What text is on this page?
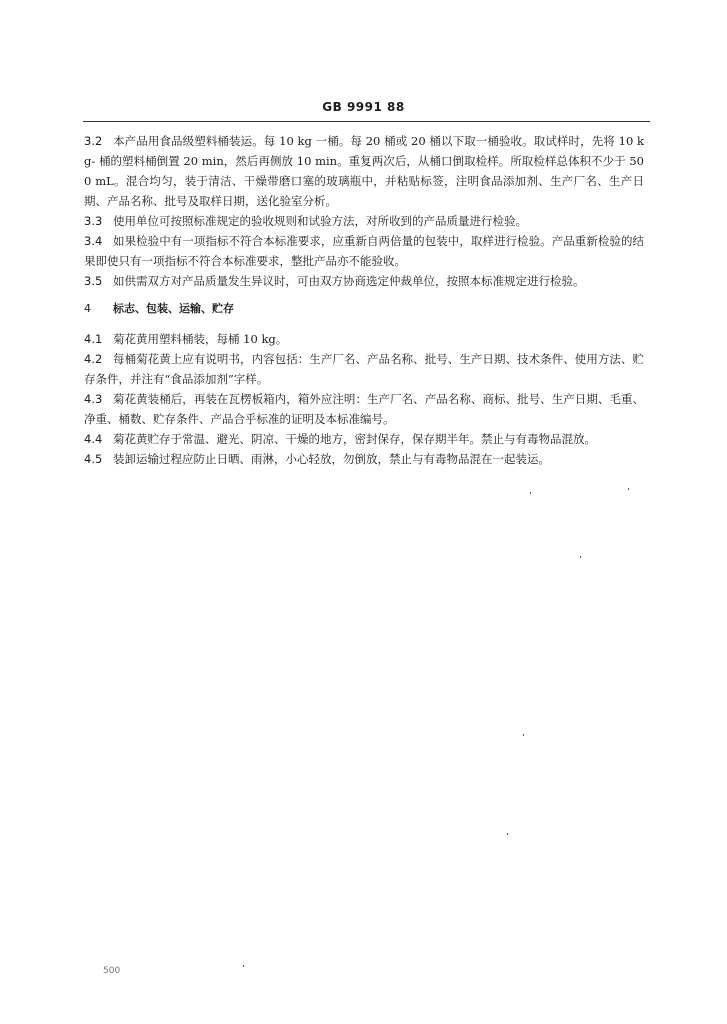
GB 9991 88

3.2 本产品用食品级塑料桶装运。每 10 kg 一桶。每 20 桶或 20 桶以下取一桶验收。取试样时，先将 10 kg- 桶的塑料桶倒置 20 min，然后再侧放 10 min。重复两次后，从桶口倒取检样。所取检样总体积不少于 500 mL。混合均匀，装于清洁、干燥带磨口塞的玻璃瓶中，并粘贴标签，注明食品添加剂、生产厂名、生产日期、产品名称、批号及取样日期，送化验室分析。

3.3 使用单位可按照标准规定的验收规则和试验方法，对所收到的产品质量进行检验。

3.4 如果检验中有一项指标不符合本标准要求，应重新自两倍量的包装中，取样进行检验。产品重新检验的结果即使只有一项指标不符合本标准要求，整批产品亦不能验收。

3.5 如供需双方对产品质量发生异议时，可由双方协商选定仲裁单位，按照本标准规定进行检验。

4 标志、包装、运输、贮存

4.1 菊花黄用塑料桶装，每桶 10 kg。

4.2 每桶菊花黄上应有说明书，内容包括：生产厂名、产品名称、批号、生产日期、技术条件、使用方法、贮存条件，并注有“食品添加剂”字样。

4.3 菊花黄装桶后，再装在瓦楞板箱内，箱外应注明：生产厂名、产品名称、商标、批号、生产日期、毛重、净重、桶数、贮存条件、产品合乎标准的证明及本标准编号。

4.4 菊花黄贮存于常温、避光、阴凉、干燥的地方，密封保存，保存期半年。禁止与有毒物品混放。

4.5 装卸运输过程应防止日晒、雨淋，小心轻放，勿倒放，禁止与有毒物品混在一起装运。

500
